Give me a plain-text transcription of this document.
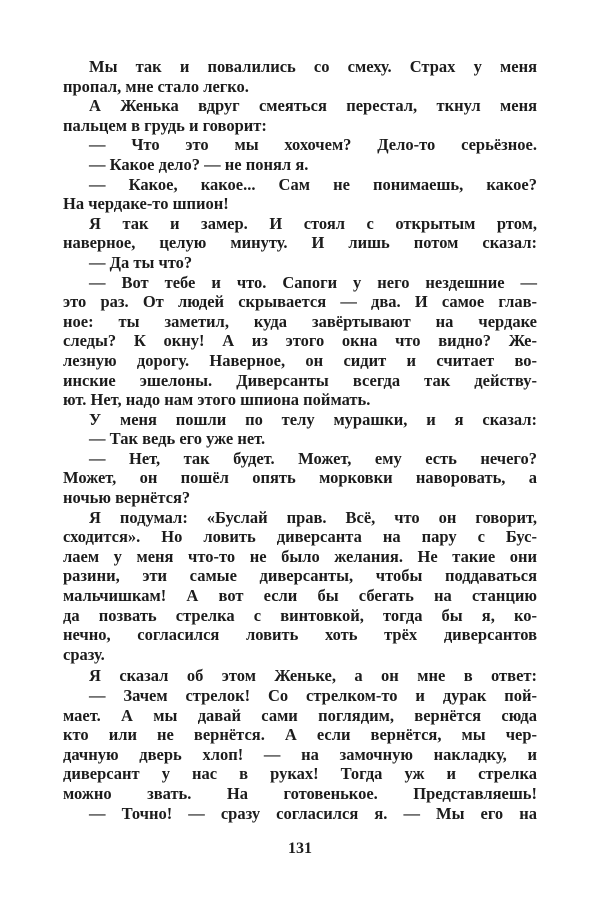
Мы так и повалились со смеху. Страх у меня
пропал, мне стало легко.
А Женька вдруг смеяться перестал, ткнул меня
пальцем в грудь и говорит:
— Что это мы хохочем? Дело-то серьёзное.
— Какое дело? — не понял я.
— Какое, какое... Сам не понимаешь, какое?
На чердаке-то шпион!
Я так и замер. И стоял с открытым ртом,
наверное, целую минуту. И лишь потом сказал:
— Да ты что?
— Вот тебе и что. Сапоги у него нездешние —
это раз. От людей скрывается — два. И самое глав-
ное: ты заметил, куда завёртывают на чердаке
следы? К окну! А из этого окна что видно? Же-
лезную дорогу. Наверное, он сидит и считает во-
инские эшелоны. Диверсанты всегда так действу-
ют. Нет, надо нам этого шпиона поймать.
У меня пошли по телу мурашки, и я сказал:
— Так ведь его уже нет.
— Нет, так будет. Может, ему есть нечего?
Может, он пошёл опять морковки наворовать, а
ночью вернётся?
Я подумал: «Буслай прав. Всё, что он говорит,
сходится». Но ловить диверсанта на пару с Бус-
лаем у меня что-то не было желания. Не такие они
разини, эти самые диверсанты, чтобы поддаваться
мальчишкам! А вот если бы сбегать на станцию
да позвать стрелка с винтовкой, тогда бы я, ко-
нечно, согласился ловить хоть трёх диверсантов
сразу.
Я сказал об этом Женьке, а он мне в ответ:
— Зачем стрелок! Со стрелком-то и дурак пой-
мает. А мы давай сами поглядим, вернётся сюда
кто или не вернётся. А если вернётся, мы чер-
дачную дверь хлоп! — на замочную накладку, и
диверсант у нас в руках! Тогда уж и стрелка
можно звать. На готовенькое. Представляешь!
— Точно! — сразу согласился я. — Мы его на
131
